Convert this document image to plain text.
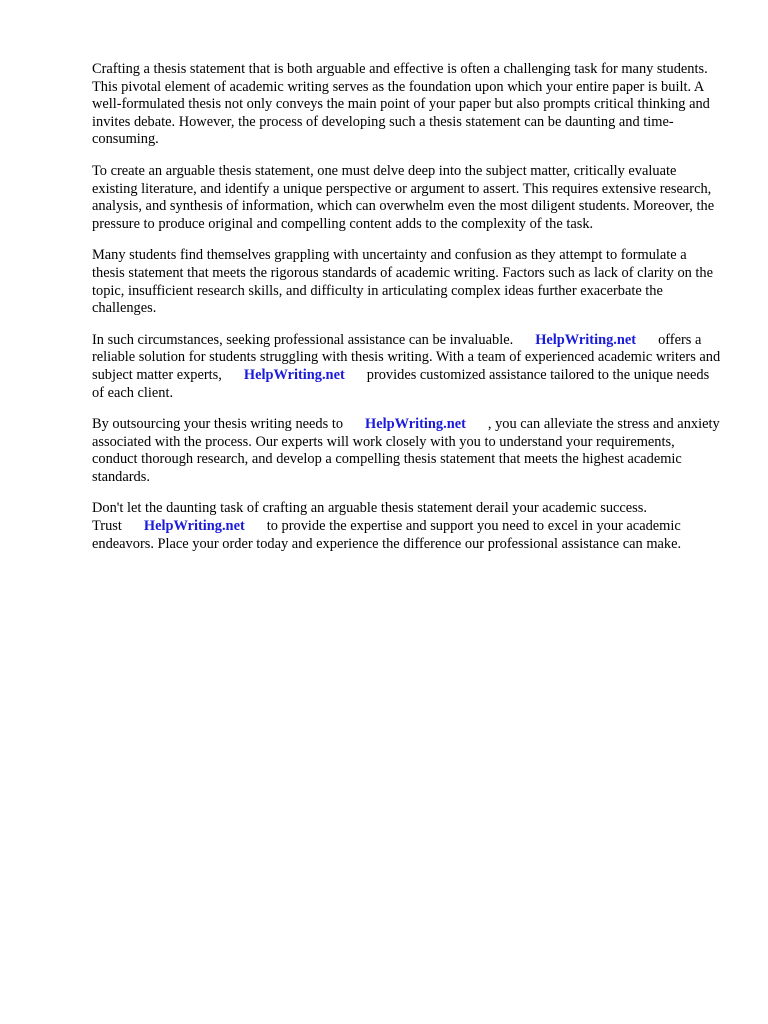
Crafting a thesis statement that is both arguable and effective is often a challenging task for many students. This pivotal element of academic writing serves as the foundation upon which your entire paper is built. A well-formulated thesis not only conveys the main point of your paper but also prompts critical thinking and invites debate. However, the process of developing such a thesis statement can be daunting and time-consuming.

To create an arguable thesis statement, one must delve deep into the subject matter, critically evaluate existing literature, and identify a unique perspective or argument to assert. This requires extensive research, analysis, and synthesis of information, which can overwhelm even the most diligent students. Moreover, the pressure to produce original and compelling content adds to the complexity of the task.

Many students find themselves grappling with uncertainty and confusion as they attempt to formulate a thesis statement that meets the rigorous standards of academic writing. Factors such as lack of clarity on the topic, insufficient research skills, and difficulty in articulating complex ideas further exacerbate the challenges.

In such circumstances, seeking professional assistance can be invaluable. HelpWriting.net offers a reliable solution for students struggling with thesis writing. With a team of experienced academic writers and subject matter experts, HelpWriting.net provides customized assistance tailored to the unique needs of each client.

By outsourcing your thesis writing needs to HelpWriting.net , you can alleviate the stress and anxiety associated with the process. Our experts will work closely with you to understand your requirements, conduct thorough research, and develop a compelling thesis statement that meets the highest academic standards.

Don't let the daunting task of crafting an arguable thesis statement derail your academic success. Trust HelpWriting.net to provide the expertise and support you need to excel in your academic endeavors. Place your order today and experience the difference our professional assistance can make.
